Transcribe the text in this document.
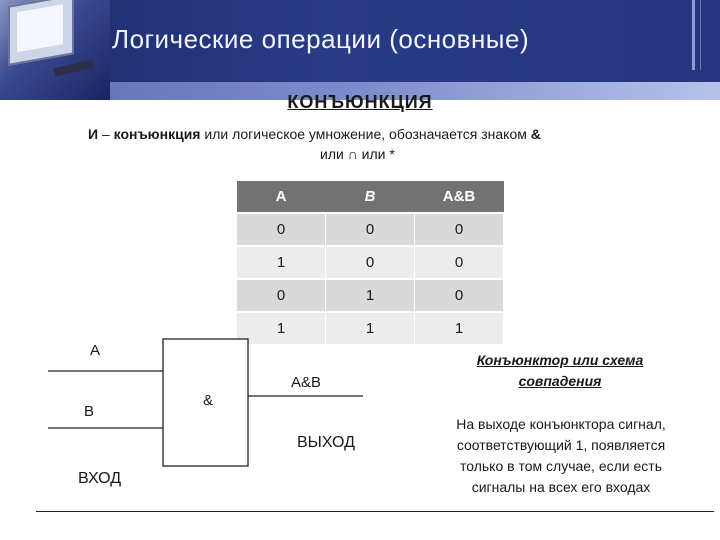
Логические операции (основные)
КОНЪЮНКЦИЯ
И – конъюнкция или логическое умножение, обозначается знаком &
или ∩ или *
A	B	A&B
0	0	0
1	0	0
0	1	0
1	1	1
A
B
&
A&B
ВЫХОД
ВХОД
Конъюнктор или схема
совпадения
На выходе конъюнктора сигнал,
соответствующий 1, появляется
только в том случае, если есть
сигналы на всех его входах
